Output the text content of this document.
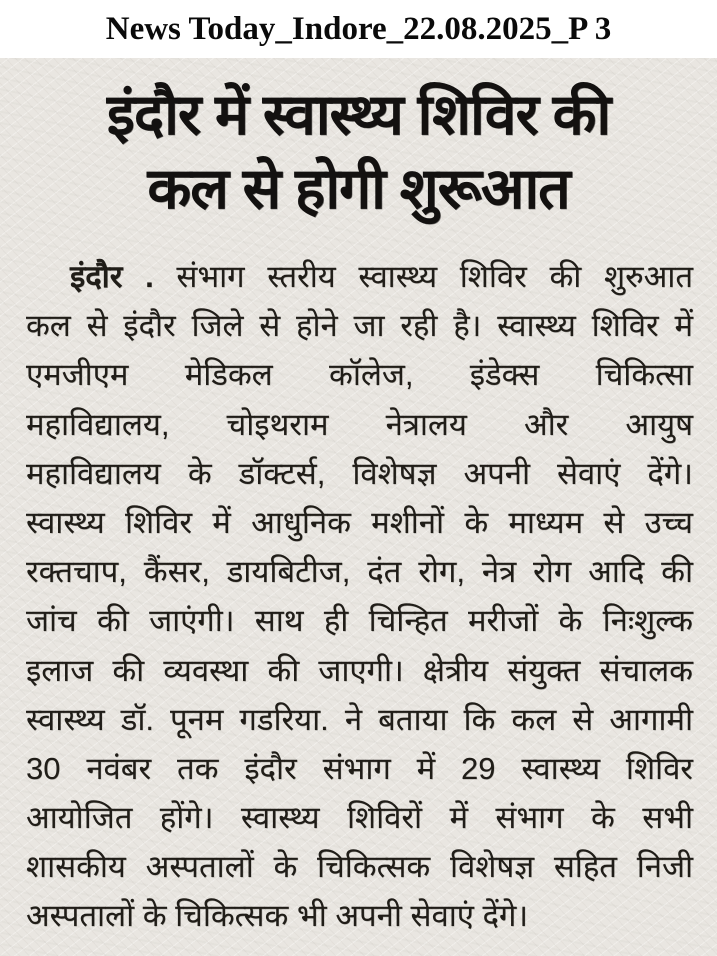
News Today_Indore_22.08.2025_P 3
इंदौर में स्वास्थ्य शिविर की
कल से होगी शुरूआत
इंदौर . संभाग स्तरीय स्वास्थ्य शिविर की शुरुआत
कल से इंदौर जिले से होने जा रही है। स्वास्थ्य शिविर में
एमजीएम मेडिकल कॉलेज, इंडेक्स चिकित्सा
महाविद्यालय, चोइथराम नेत्रालय और आयुष
महाविद्यालय के डॉक्टर्स, विशेषज्ञ अपनी सेवाएं देंगे।
स्वास्थ्य शिविर में आधुनिक मशीनों के माध्यम से उच्च
रक्तचाप, कैंसर, डायबिटीज, दंत रोग, नेत्र रोग आदि की
जांच की जाएंगी। साथ ही चिन्हित मरीजों के निःशुल्क
इलाज की व्यवस्था की जाएगी। क्षेत्रीय संयुक्त संचालक
स्वास्थ्य डॉ. पूनम गडरिया. ने बताया कि कल से आगामी
30 नवंबर तक इंदौर संभाग में 29 स्वास्थ्य शिविर
आयोजित होंगे। स्वास्थ्य शिविरों में संभाग के सभी
शासकीय अस्पतालों के चिकित्सक विशेषज्ञ सहित निजी
अस्पतालों के चिकित्सक भी अपनी सेवाएं देंगे।
